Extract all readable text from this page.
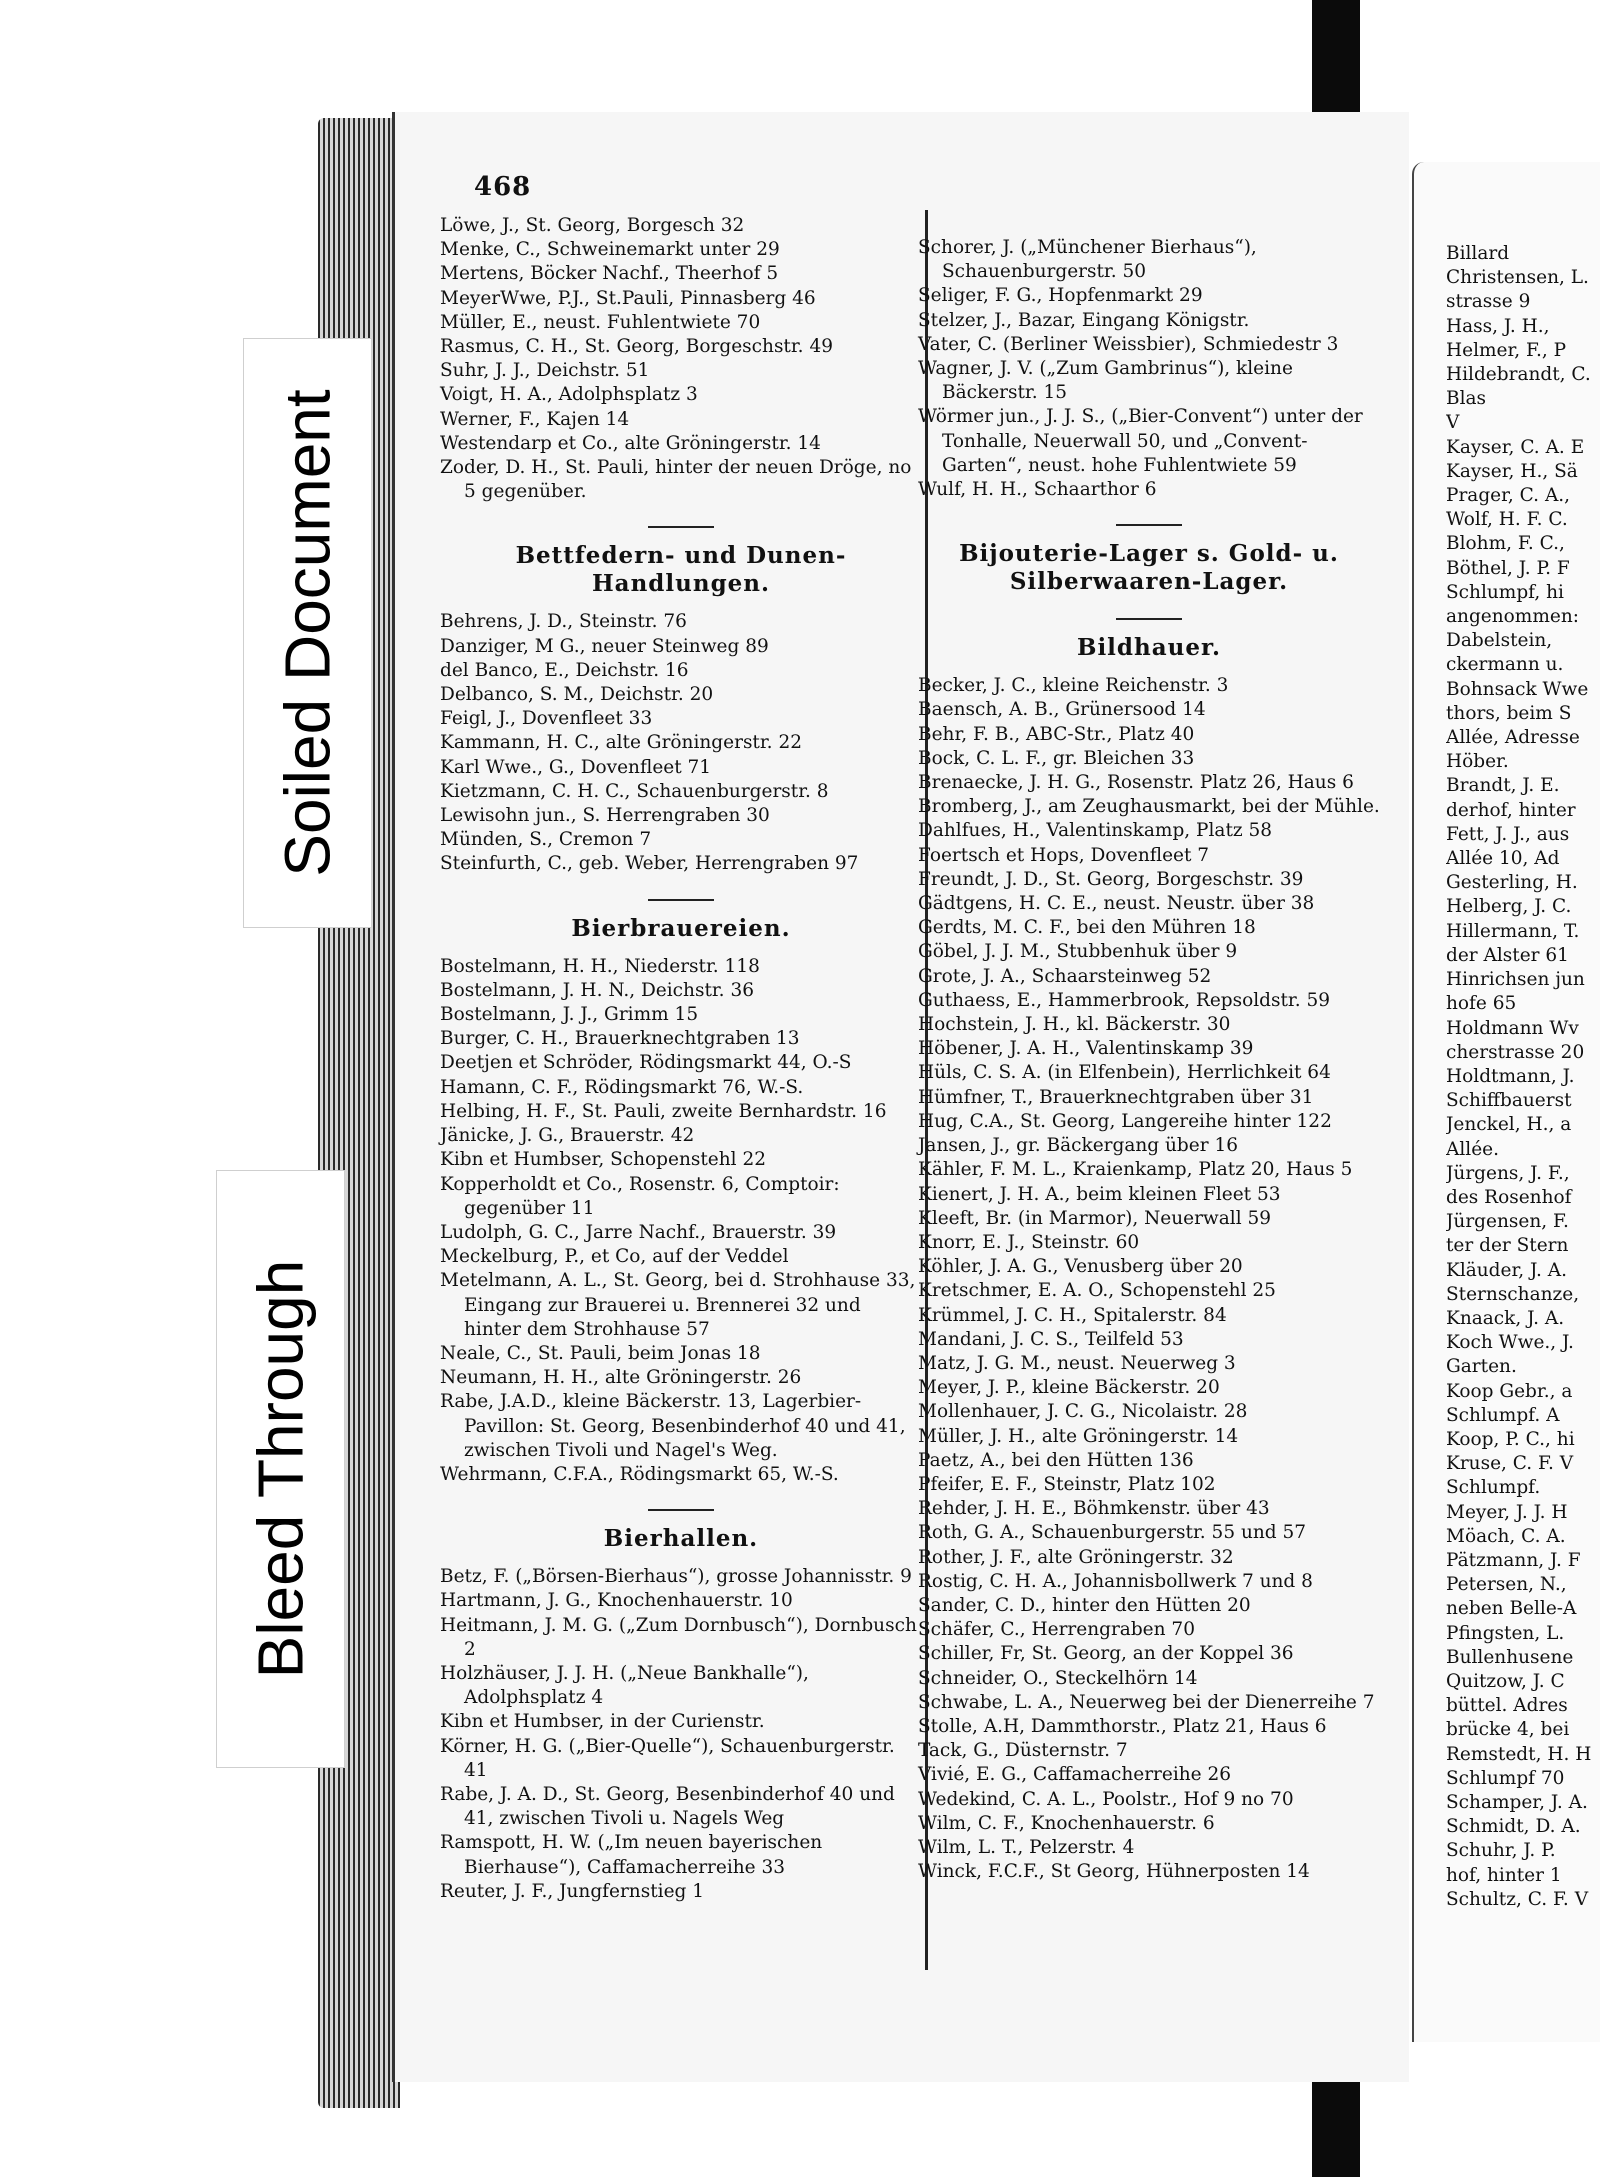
468

Löwe, J., St. Georg, Borgesch 32

Menke, C., Schweinemarkt unter 29

Mertens, Böcker Nachf., Theerhof 5

MeyerWwe, P.J., St.Pauli, Pinnasberg 46

Müller, E., neust. Fuhlentwiete 70

Rasmus, C. H., St. Georg, Borgeschstr. 49

Suhr, J. J., Deichstr. 51

Voigt, H. A., Adolphsplatz 3

Werner, F., Kajen 14

Westendarp et Co., alte Gröningerstr. 14

Zoder, D. H., St. Pauli, hinter der neuen Dröge, no 5 gegenüber.

Bettfedern- und Dunen-Handlungen.

Behrens, J. D., Steinstr. 76

Danziger, M G., neuer Steinweg 89

del Banco, E., Deichstr. 16

Delbanco, S. M., Deichstr. 20

Feigl, J., Dovenfleet 33

Kammann, H. C., alte Gröningerstr. 22

Karl Wwe., G., Dovenfleet 71

Kietzmann, C. H. C., Schauenburgerstr. 8

Lewisohn jun., S. Herrengraben 30

Münden, S., Cremon 7

Steinfurth, C., geb. Weber, Herrengraben 97

Bierbrauereien.

Bostelmann, H. H., Niederstr. 118

Bostelmann, J. H. N., Deichstr. 36

Bostelmann, J. J., Grimm 15

Burger, C. H., Brauerknechtgraben 13

Deetjen et Schröder, Rödingsmarkt 44, O.-S

Hamann, C. F., Rödingsmarkt 76, W.-S.

Helbing, H. F., St. Pauli, zweite Bernhardstr. 16

Jänicke, J. G., Brauerstr. 42

Kibn et Humbser, Schopenstehl 22

Kopperholdt et Co., Rosenstr. 6, Comptoir: gegenüber 11

Ludolph, G. C., Jarre Nachf., Brauerstr. 39

Meckelburg, P., et Co, auf der Veddel

Metelmann, A. L., St. Georg, bei d. Strohhause 33, Eingang zur Brauerei u. Brennerei 32 und hinter dem Strohhause 57

Neale, C., St. Pauli, beim Jonas 18

Neumann, H. H., alte Gröningerstr. 26

Rabe, J.A.D., kleine Bäckerstr. 13, Lagerbier-Pavillon: St. Georg, Besenbinderhof 40 und 41, zwischen Tivoli und Nagel's Weg.

Wehrmann, C.F.A., Rödingsmarkt 65, W.-S.

Bierhallen.

Betz, F. („Börsen-Bierhaus“), grosse Johannisstr. 9

Hartmann, J. G., Knochenhauerstr. 10

Heitmann, J. M. G. („Zum Dornbusch“), Dornbusch 2

Holzhäuser, J. J. H. („Neue Bankhalle“), Adolphsplatz 4

Kibn et Humbser, in der Curienstr.

Körner, H. G. („Bier-Quelle“), Schauenburgerstr. 41

Rabe, J. A. D., St. Georg, Besenbinderhof 40 und 41, zwischen Tivoli u. Nagels Weg

Ramspott, H. W. („Im neuen bayerischen Bierhause“), Caffamacherreihe 33

Reuter, J. F., Jungfernstieg 1

Schorer, J. („Münchener Bierhaus“), Schauenburgerstr. 50

Seliger, F. G., Hopfenmarkt 29

Stelzer, J., Bazar, Eingang Königstr.

Vater, C. (Berliner Weissbier), Schmiedestr 3

Wagner, J. V. („Zum Gambrinus“), kleine Bäckerstr. 15

Wörmer jun., J. J. S., („Bier-Convent“) unter der Tonhalle, Neuerwall 50, und „Convent-Garten“, neust. hohe Fuhlentwiete 59

Wulf, H. H., Schaarthor 6

Bijouterie-Lager s. Gold- u. Silberwaaren-Lager.
Bildhauer.

Becker, J. C., kleine Reichenstr. 3

Baensch, A. B., Grünersood 14

Behr, F. B., ABC-Str., Platz 40

Bock, C. L. F., gr. Bleichen 33

Brenaecke, J. H. G., Rosenstr. Platz 26, Haus 6

Bromberg, J., am Zeughausmarkt, bei der Mühle.

Dahlfues, H., Valentinskamp, Platz 58

Foertsch et Hops, Dovenfleet 7

Freundt, J. D., St. Georg, Borgeschstr. 39

Gädtgens, H. C. E., neust. Neustr. über 38

Gerdts, M. C. F., bei den Mühren 18

Göbel, J. J. M., Stubbenhuk über 9

Grote, J. A., Schaarsteinweg 52

Guthaess, E., Hammerbrook, Repsoldstr. 59

Hochstein, J. H., kl. Bäckerstr. 30

Höbener, J. A. H., Valentinskamp 39

Hüls, C. S. A. (in Elfenbein), Herrlichkeit 64

Hümfner, T., Brauerknechtgraben über 31

Hug, C.A., St. Georg, Langereihe hinter 122

Jansen, J., gr. Bäckergang über 16

Kähler, F. M. L., Kraienkamp, Platz 20, Haus 5

Kienert, J. H. A., beim kleinen Fleet 53

Kleeft, Br. (in Marmor), Neuerwall 59

Knorr, E. J., Steinstr. 60

Köhler, J. A. G., Venusberg über 20

Kretschmer, E. A. O., Schopenstehl 25

Krümmel, J. C. H., Spitalerstr. 84

Mandani, J. C. S., Teilfeld 53

Matz, J. G. M., neust. Neuerweg 3

Meyer, J. P., kleine Bäckerstr. 20

Mollenhauer, J. C. G., Nicolaistr. 28

Müller, J. H., alte Gröningerstr. 14

Paetz, A., bei den Hütten 136

Pfeifer, E. F., Steinstr, Platz 102

Rehder, J. H. E., Böhmkenstr. über 43

Roth, G. A., Schauenburgerstr. 55 und 57

Rother, J. F., alte Gröningerstr. 32

Rostig, C. H. A., Johannisbollwerk 7 und 8

Sander, C. D., hinter den Hütten 20

Schäfer, C., Herrengraben 70

Schiller, Fr, St. Georg, an der Koppel 36

Schneider, O., Steckelhörn 14

Schwabe, L. A., Neuerweg bei der Dienerreihe 7

Stolle, A.H, Dammthorstr., Platz 21, Haus 6

Tack, G., Düsternstr. 7

Vivié, E. G., Caffamacherreihe 26

Wedekind, C. A. L., Poolstr., Hof 9 no 70

Wilm, C. F., Knochenhauerstr. 6

Wilm, L. T., Pelzerstr. 4

Winck, F.C.F., St Georg, Hühnerposten 14

Billard
Christensen, L.
strasse 9
Hass, J. H.,
Helmer, F., P
Hildebrandt, C.
Blas
V
Kayser, C. A. E
Kayser, H., Sä
Prager, C. A.,
Wolf, H. F. C.
Blohm, F. C.,
Böthel, J. P. F
Schlumpf, hi
angenommen:
Dabelstein,
ckermann u.
Bohnsack Wwe
thors, beim S
Allée, Adresse
Höber.
Brandt, J. E.
derhof, hinter
Fett, J. J., aus
Allée 10, Ad
Gesterling, H.
Helberg, J. C.
Hillermann, T.
der Alster 61
Hinrichsen jun
hofe 65
Holdmann Wv
cherstrasse 20
Holdtmann, J.
Schiffbauerst
Jenckel, H., a
Allée.
Jürgens, J. F.,
des Rosenhof
Jürgensen, F.
ter der Stern
Kläuder, J. A.
Sternschanze,
Knaack, J. A.
Koch Wwe., J.
Garten.
Koop Gebr., a
Schlumpf. A
Koop, P. C., hi
Kruse, C. F. V
Schlumpf.
Meyer, J. J. H
Möach, C. A.
Pätzmann, J. F
Petersen, N.,
neben Belle-A
Pfingsten, L.
Bullenhusene
Quitzow, J. C
büttel. Adres
brücke 4, bei
Remstedt, H. H
Schlumpf 70
Schamper, J. A.
Schmidt, D. A.
Schuhr, J. P.
hof, hinter 1
Schultz, C. F. V
Soiled Document
Bleed Through
